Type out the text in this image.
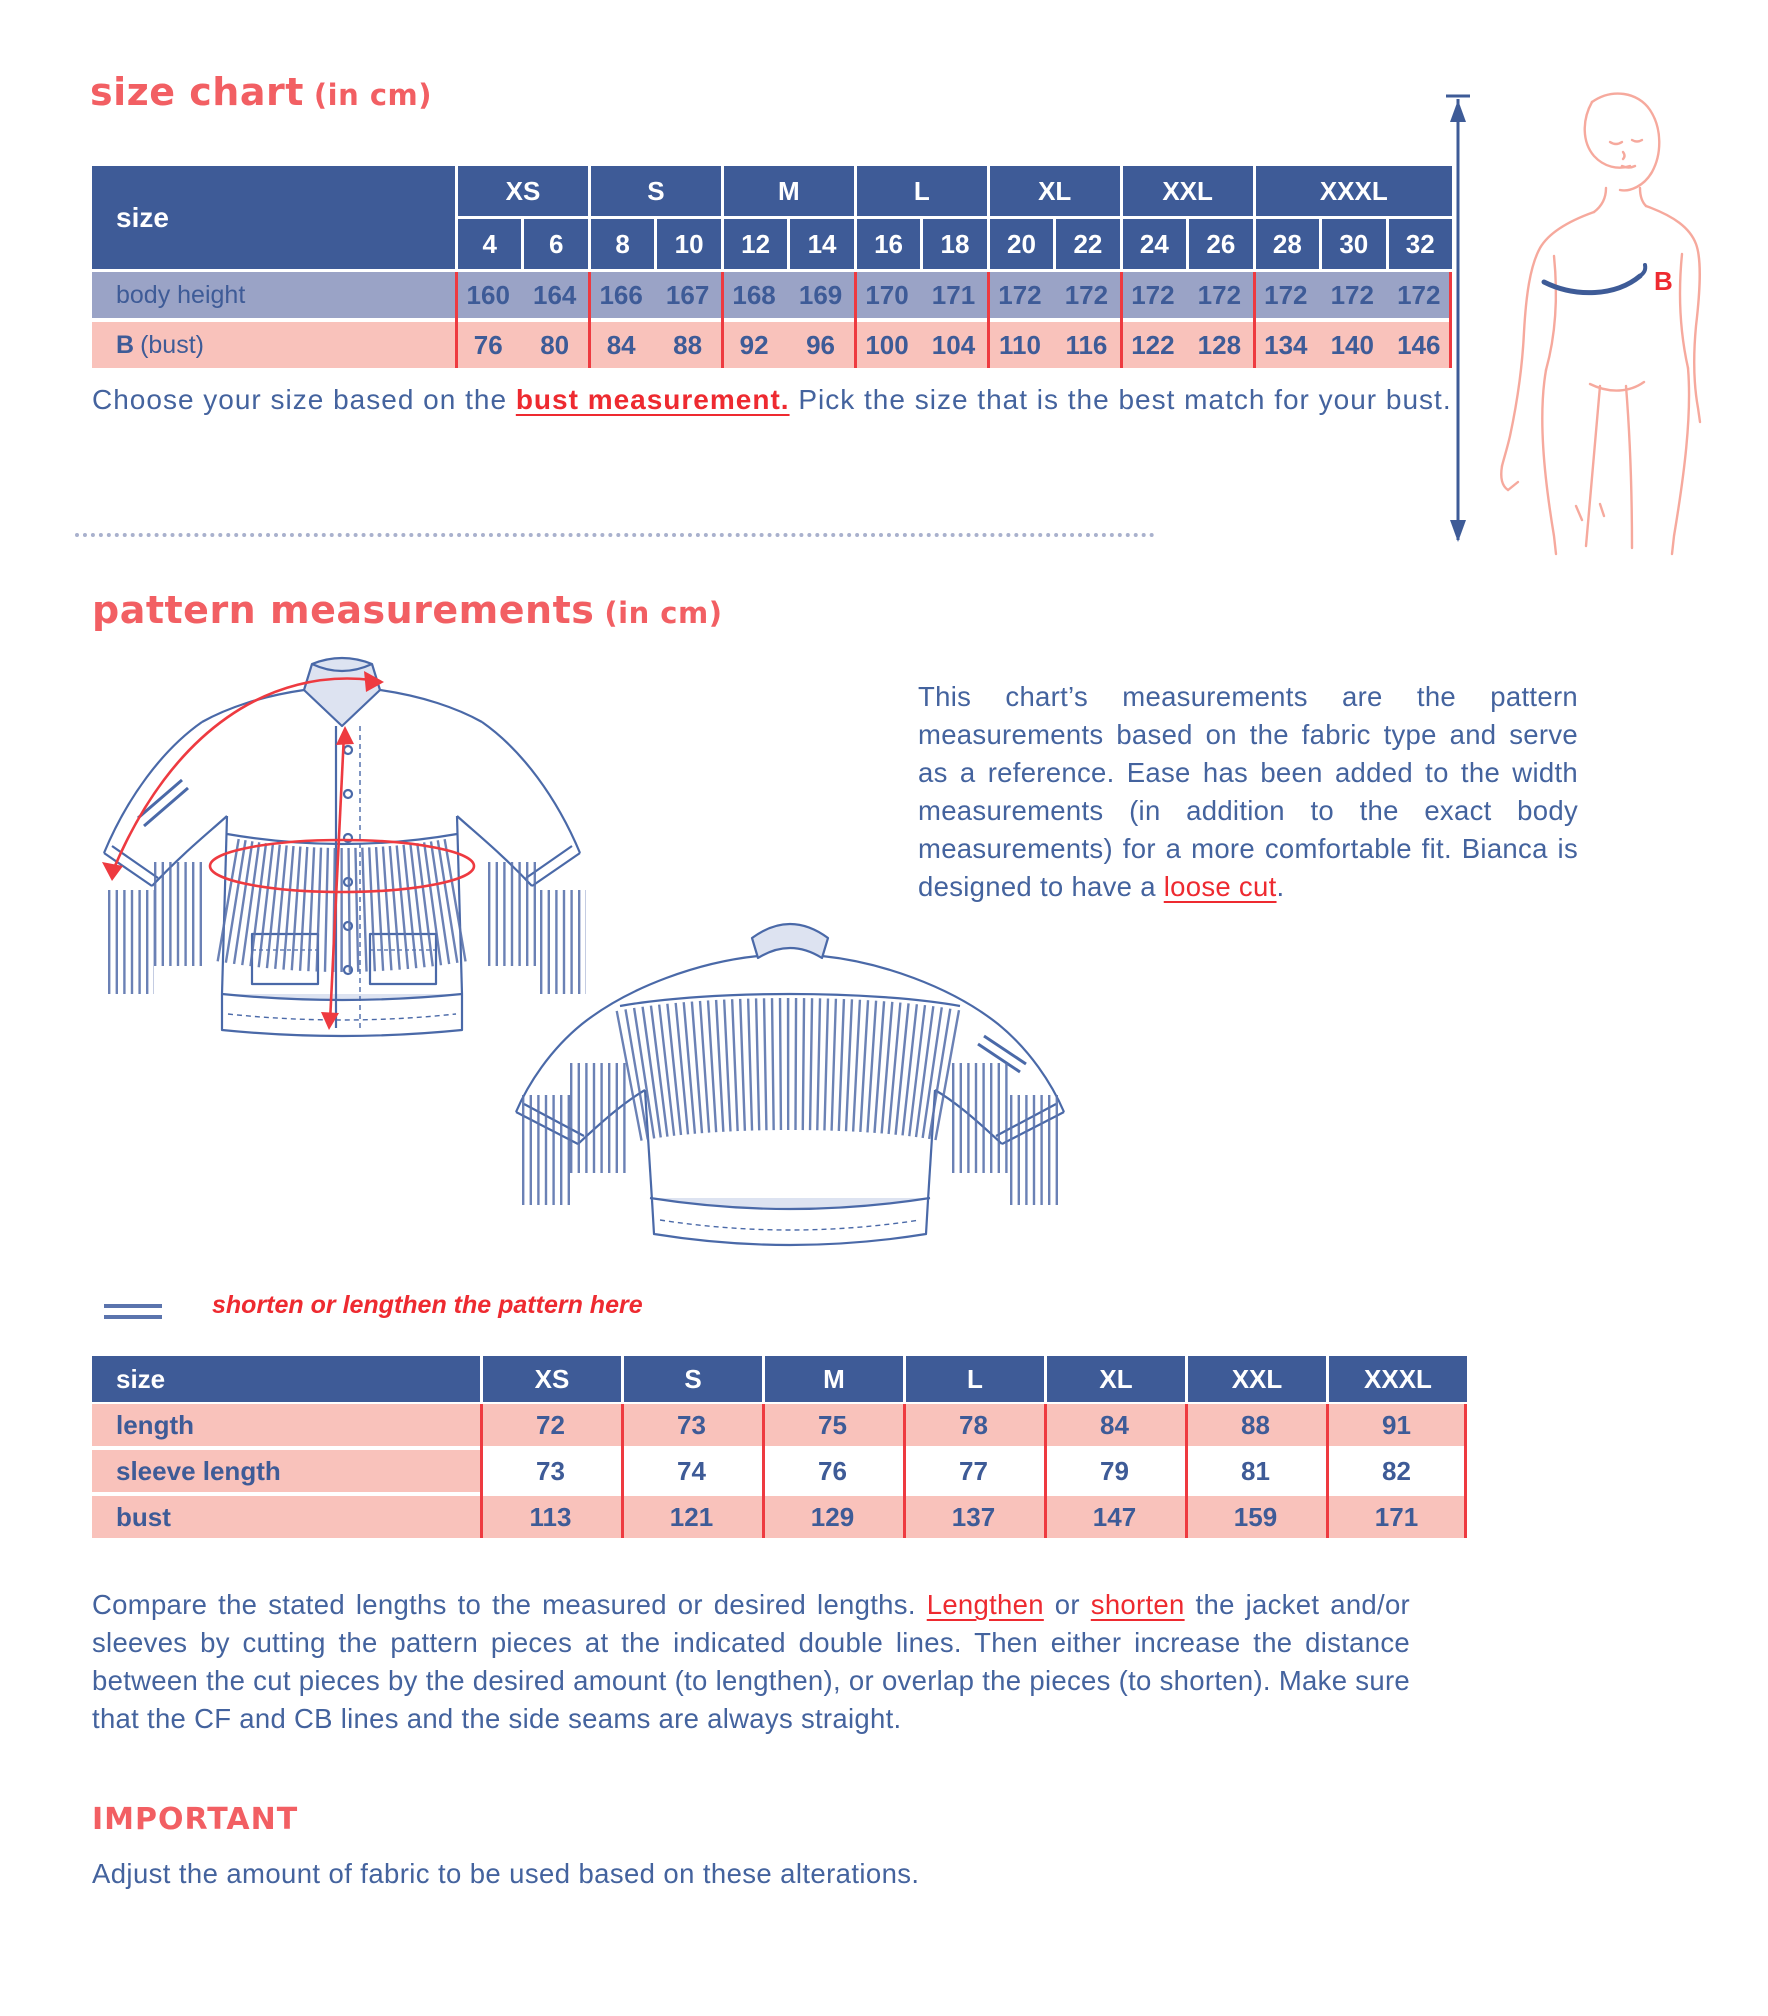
size chart (in cm)
size
XS	S	M	L	XL	XXL	XXXL
4	6	8	10	12	14	16	18	20	22	24	26	28	30	32
body height	160 164 166 167 168 169 170 171 172 172 172 172 172 172 172
B (bust)	76	80	84	88	92	96	100 104 110 116 122 128 134 140 146
Choose your size based on the bust measurement. Pick the size that is the best match for your bust.
B
pattern measurements (in cm)
This chart’s measurements are the pattern measurements based on the fabric type and serve as a reference. Ease has been added to the width measurements (in addition to the exact body measurements) for a more comfortable fit. Bianca is designed to have a loose cut.
shorten or lengthen the pattern here
size	XS	S	M	L	XL	XXL	XXXL
length	72	73	75	78	84	88	91
sleeve length	73	74	76	77	79	81	82
bust	113	121	129	137	147	159	171
Compare the stated lengths to the measured or desired lengths. Lengthen or shorten the jacket and/or sleeves by cutting the pattern pieces at the indicated double lines. Then either increase the distance between the cut pieces by the desired amount (to lengthen), or overlap the pieces (to shorten). Make sure that the CF and CB lines and the side seams are always straight.
IMPORTANT
Adjust the amount of fabric to be used based on these alterations.
